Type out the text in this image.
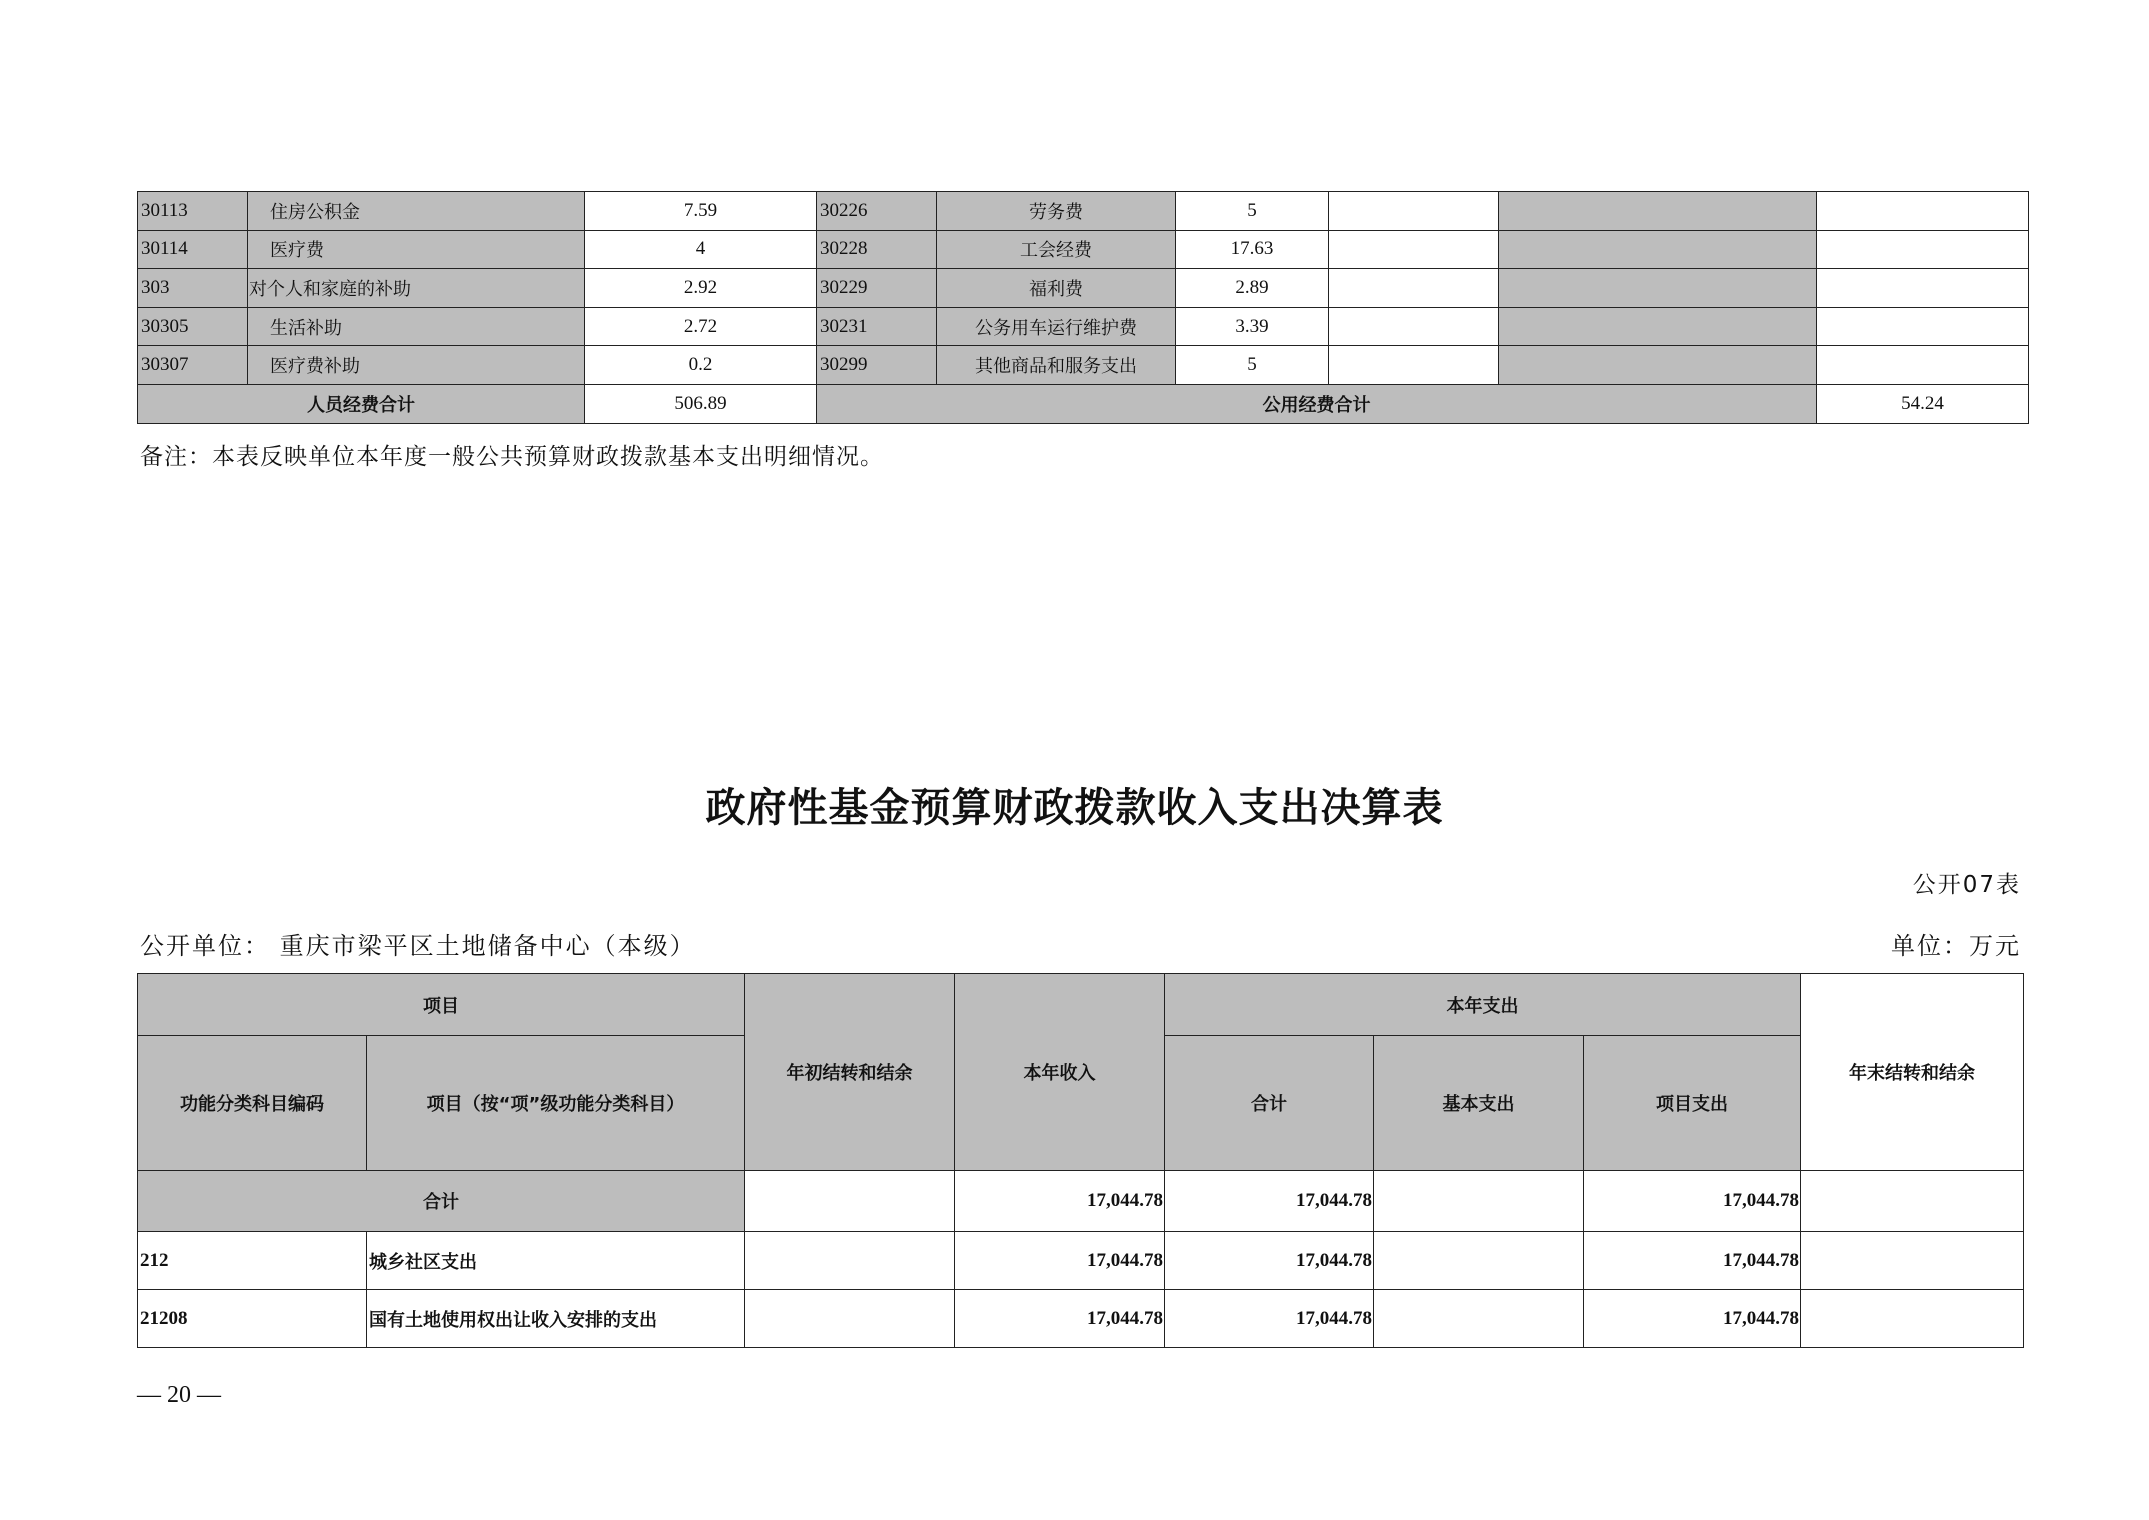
30113	住房公积金	7.59	30226	劳务费	5			
30114	医疗费	4	30228	工会经费	17.63			
303	对个人和家庭的补助	2.92	30229	福利费	2.89			
30305	生活补助	2.72	30231	公务用车运行维护费	3.39			
30307	医疗费补助	0.2	30299	其他商品和服务支出	5			
人员经费合计		506.89	公用经费合计					54.24
备注：本表反映单位本年度一般公共预算财政拨款基本支出明细情况。
政府性基金预算财政拨款收入支出决算表
公开07表
公开单位： 重庆市梁平区土地储备中心（本级）	单位：万元
项目		年初结转和结余	本年收入	本年支出			年末结转和结余
功能分类科目编码	项目（按“项”级功能分类科目）			合计	基本支出	项目支出	
合计			17,044.78	17,044.78		17,044.78	
212	城乡社区支出		17,044.78	17,044.78		17,044.78	
21208	国有土地使用权出让收入安排的支出		17,044.78	17,044.78		17,044.78	
— 20 —
